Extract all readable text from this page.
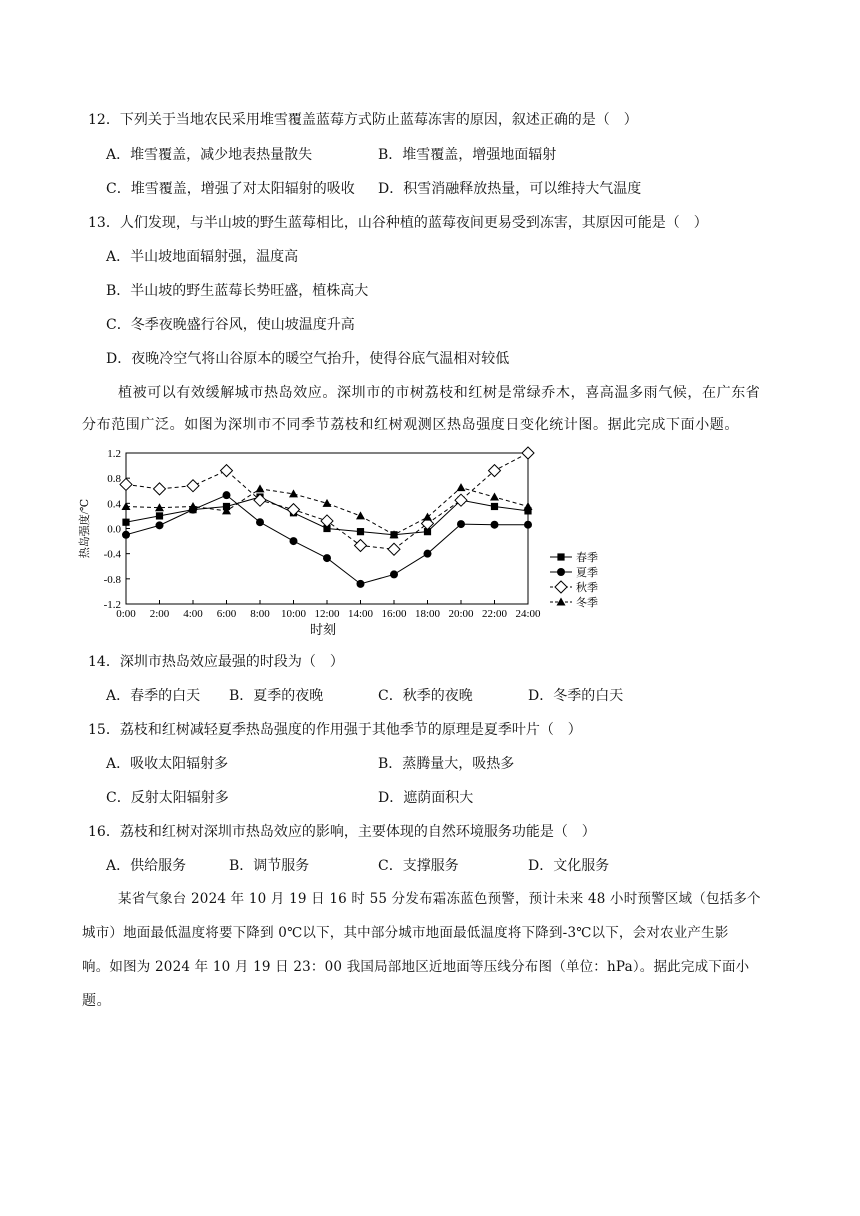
12．下列关于当地农民采用堆雪覆盖蓝莓方式防止蓝莓冻害的原因，叙述正确的是（　）
A．堆雪覆盖，减少地表热量散失	B．堆雪覆盖，增强地面辐射
C．堆雪覆盖，增强了对太阳辐射的吸收 D．积雪消融释放热量，可以维持大气温度
13．人们发现，与半山坡的野生蓝莓相比，山谷种植的蓝莓夜间更易受到冻害，其原因可能是（　）
A．半山坡地面辐射强，温度高
B．半山坡的野生蓝莓长势旺盛，植株高大
C．冬季夜晚盛行谷风，使山坡温度升高
D．夜晚冷空气将山谷原本的暖空气抬升，使得谷底气温相对较低
植被可以有效缓解城市热岛效应。深圳市的市树荔枝和红树是常绿乔木，喜高温多雨气候，在广东省
分布范围广泛。如图为深圳市不同季节荔枝和红树观测区热岛强度日变化统计图。据此完成下面小题。
1.2
0.8
0.4
0.0
-0.4
-0.8
-1.2
0:00 2:00 4:00 6:00 8:00 10:00 12:00 14:00 16:00 18:00 20:00 22:00 24:00
时刻
热岛强度/℃	春季
夏季
秋季
冬季
14．深圳市热岛效应最强的时段为（　）
A．春季的白天 B．夏季的夜晚	C．秋季的夜晚	D．冬季的白天
15．荔枝和红树减轻夏季热岛强度的作用强于其他季节的原理是夏季叶片（　）
A．吸收太阳辐射多	B．蒸腾量大，吸热多
C．反射太阳辐射多	D．遮荫面积大
16．荔枝和红树对深圳市热岛效应的影响，主要体现的自然环境服务功能是（　）
A．供给服务	B．调节服务	C．支撑服务	D．文化服务
某省气象台 2024 年 10 月 19 日 16 时 55 分发布霜冻蓝色预警，预计未来 48 小时预警区域（包括多个
城市）地面最低温度将要下降到 0℃以下，其中部分城市地面最低温度将下降到-3℃以下，会对农业产生影
响。如图为 2024 年 10 月 19 日 23：00 我国局部地区近地面等压线分布图（单位：hPa）。据此完成下面小
题。
